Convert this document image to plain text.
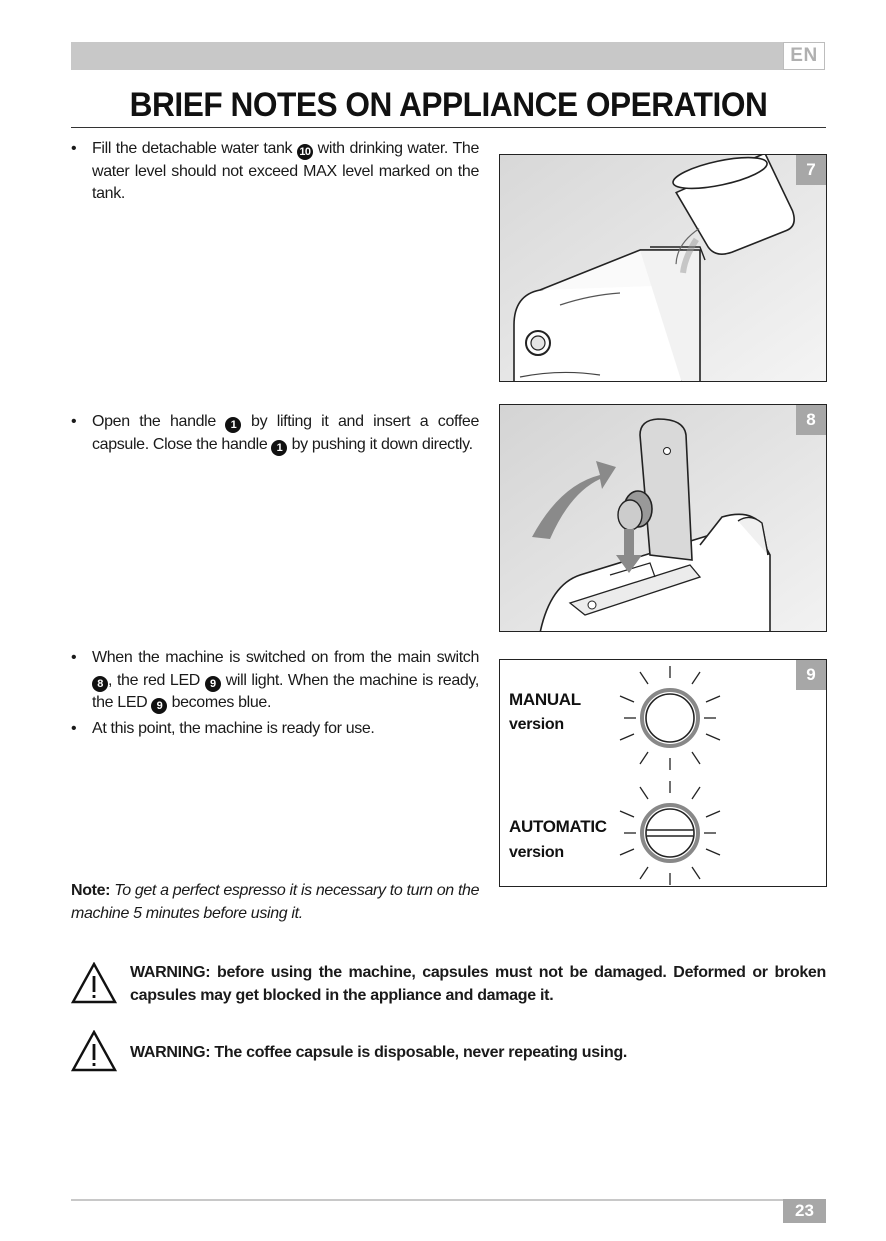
EN
BRIEF NOTES ON APPLIANCE OPERATION
• Fill the detachable water tank 10 with drinking water. The water level should not exceed MAX level marked on the tank.
7
• Open the handle 1 by lifting it and insert a coffee capsule. Close the handle 1 by pushing it down directly.
8
• When the machine is switched on from the main switch 8 , the red LED 9 will light. When the machine is ready, the LED 9 becomes blue.
• At this point, the machine is ready for use.
9
MANUAL
version
AUTOMATIC
version
Note: To get a perfect espresso it is necessary to turn on the machine 5 minutes before using it.
WARNING: before using the machine, capsules must not be damaged. Deformed or broken capsules may get blocked in the appliance and damage it.
WARNING: The coffee capsule is disposable, never repeating using.
23
